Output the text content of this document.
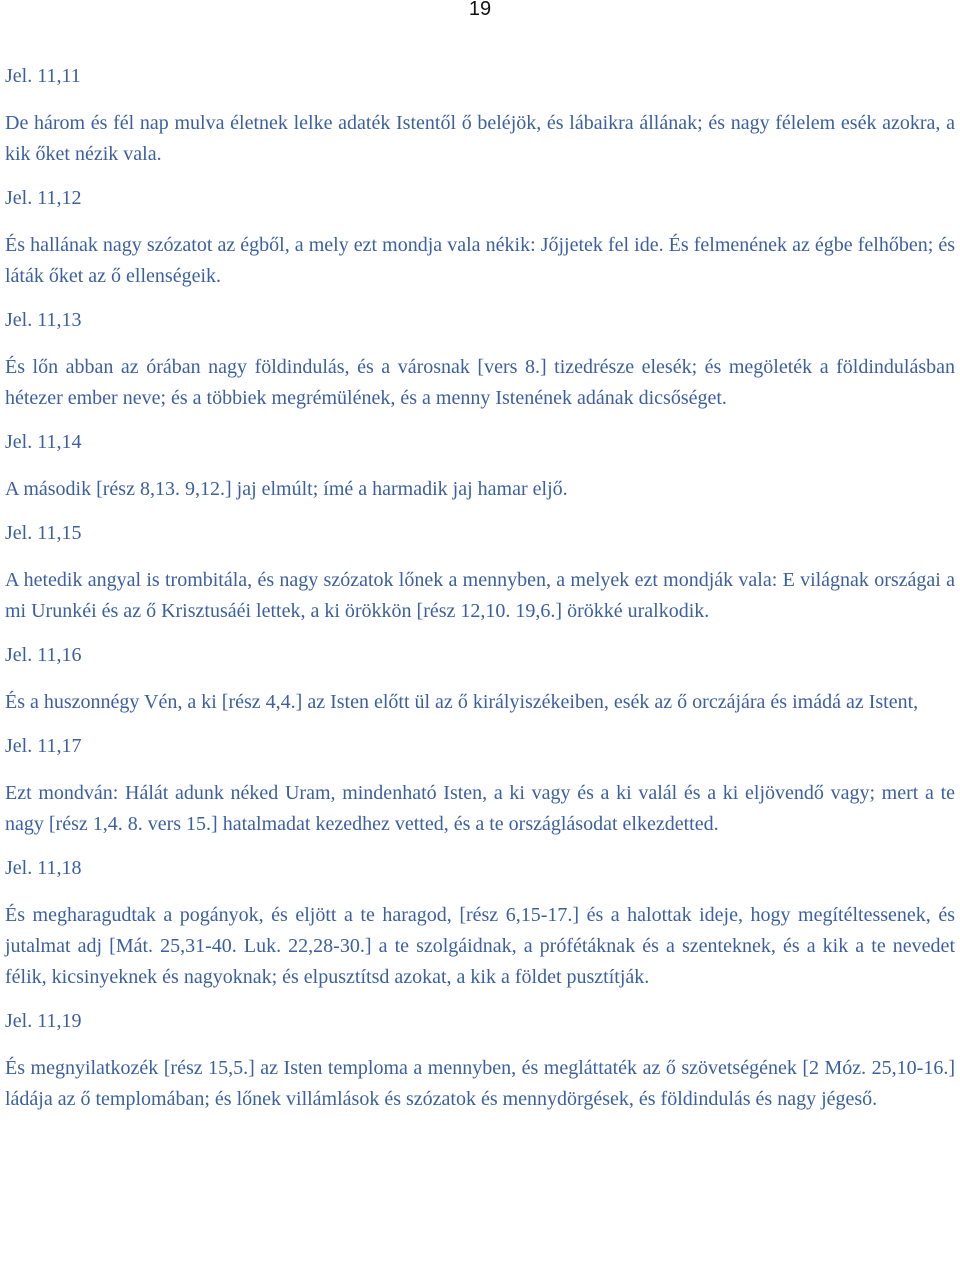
19

Jel. 11,11

De három és fél nap mulva életnek lelke adaték Istentől ő beléjök, és lábaikra állának; és nagy félelem esék azokra, a kik őket nézik vala.

Jel. 11,12

És hallának nagy szózatot az égből, a mely ezt mondja vala nékik: Jőjjetek fel ide. És felmenének az égbe felhőben; és láták őket az ő ellenségeik.

Jel. 11,13

És lőn abban az órában nagy földindulás, és a városnak [vers 8.] tizedrésze elesék; és megöleték a földindulásban hétezer ember neve; és a többiek megrémülének, és a menny Istenének adának dicsőséget.

Jel. 11,14

A második [rész 8,13. 9,12.] jaj elmúlt; ímé a harmadik jaj hamar eljő.

Jel. 11,15

A hetedik angyal is trombitála, és nagy szózatok lőnek a mennyben, a melyek ezt mondják vala: E világnak országai a mi Urunkéi és az ő Krisztusáéi lettek, a ki örökkön [rész 12,10. 19,6.] örökké uralkodik.

Jel. 11,16

És a huszonnégy Vén, a ki [rész 4,4.] az Isten előtt ül az ő királyiszékeiben, esék az ő orczájára és imádá az Istent,

Jel. 11,17

Ezt mondván: Hálát adunk néked Uram, mindenható Isten, a ki vagy és a ki valál és a ki eljövendő vagy; mert a te nagy [rész 1,4. 8. vers 15.] hatalmadat kezedhez vetted, és a te országlásodat elkezdetted.

Jel. 11,18

És megharagudtak a pogányok, és eljött a te haragod, [rész 6,15-17.] és a halottak ideje, hogy megítéltessenek, és jutalmat adj [Mát. 25,31-40. Luk. 22,28-30.] a te szolgáidnak, a prófétáknak és a szenteknek, és a kik a te nevedet félik, kicsinyeknek és nagyoknak; és elpusztítsd azokat, a kik a földet pusztítják.

Jel. 11,19

És megnyilatkozék [rész 15,5.] az Isten temploma a mennyben, és megláttaték az ő szövetségének [2 Móz. 25,10-16.] ládája az ő templomában; és lőnek villámlások és szózatok és mennydörgések, és földindulás és nagy jégeső.
